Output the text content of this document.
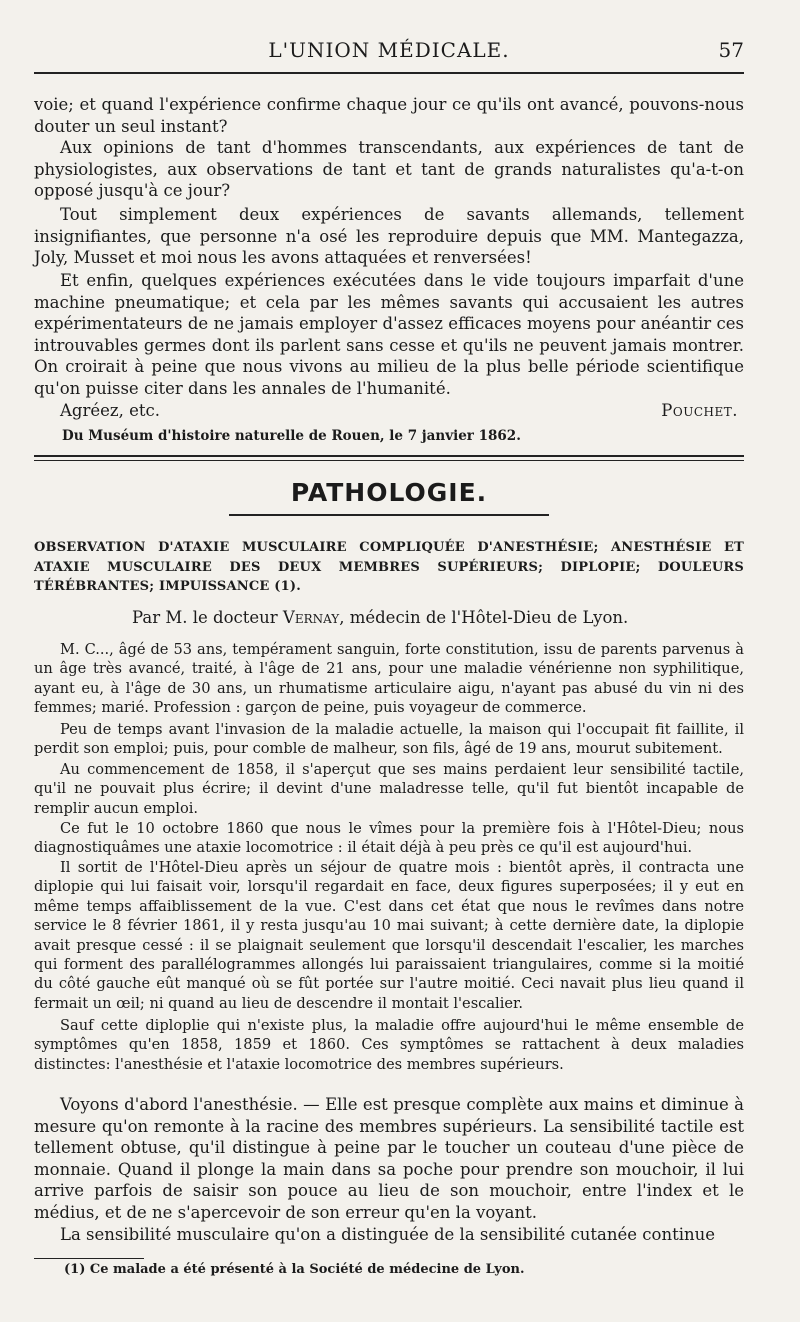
L'UNION MÉDICALE.	57

voie; et quand l'expérience confirme chaque jour ce qu'ils ont avancé, pouvons-nous douter un seul instant?

Aux opinions de tant d'hommes transcendants, aux expériences de tant de physiologistes, aux observations de tant et tant de grands naturalistes qu'a-t-on opposé jusqu'à ce jour?

Tout simplement deux expériences de savants allemands, tellement insignifiantes, que personne n'a osé les reproduire depuis que MM. Mantegazza, Joly, Musset et moi nous les avons attaquées et renversées!

Et enfin, quelques expériences exécutées dans le vide toujours imparfait d'une machine pneumatique; et cela par les mêmes savants qui accusaient les autres expérimentateurs de ne jamais employer d'assez efficaces moyens pour anéantir ces introuvables germes dont ils parlent sans cesse et qu'ils ne peuvent jamais montrer. On croirait à peine que nous vivons au milieu de la plus belle période scientifique qu'on puisse citer dans les annales de l'humanité.

Agréez, etc.	Pouchet.
Du Muséum d'histoire naturelle de Rouen, le 7 janvier 1862.
PATHOLOGIE.
OBSERVATION D'ATAXIE MUSCULAIRE COMPLIQUÉE D'ANESTHÉSIE; ANESTHÉSIE ET ATAXIE MUSCULAIRE DES DEUX MEMBRES SUPÉRIEURS; DIPLOPIE; DOULEURS TÉRÉBRANTES; IMPUISSANCE (1).
Par M. le docteur Vernay, médecin de l'Hôtel-Dieu de Lyon.

M. C..., âgé de 53 ans, tempérament sanguin, forte constitution, issu de parents parvenus à un âge très avancé, traité, à l'âge de 21 ans, pour une maladie vénérienne non syphilitique, ayant eu, à l'âge de 30 ans, un rhumatisme articulaire aigu, n'ayant pas abusé du vin ni des femmes; marié. Profession : garçon de peine, puis voyageur de commerce.

Peu de temps avant l'invasion de la maladie actuelle, la maison qui l'occupait fit faillite, il perdit son emploi; puis, pour comble de malheur, son fils, âgé de 19 ans, mourut subitement.

Au commencement de 1858, il s'aperçut que ses mains perdaient leur sensibilité tactile, qu'il ne pouvait plus écrire; il devint d'une maladresse telle, qu'il fut bientôt incapable de remplir aucun emploi.

Ce fut le 10 octobre 1860 que nous le vîmes pour la première fois à l'Hôtel-Dieu; nous diagnostiquâmes une ataxie locomotrice : il était déjà à peu près ce qu'il est aujourd'hui.

Il sortit de l'Hôtel-Dieu après un séjour de quatre mois : bientôt après, il contracta une diplopie qui lui faisait voir, lorsqu'il regardait en face, deux figures superposées; il y eut en même temps affaiblissement de la vue. C'est dans cet état que nous le revîmes dans notre service le 8 février 1861, il y resta jusqu'au 10 mai suivant; à cette dernière date, la diplopie avait presque cessé : il se plaignait seulement que lorsqu'il descendait l'escalier, les marches qui forment des parallélogrammes allongés lui paraissaient triangulaires, comme si la moitié du côté gauche eût manqué où se fût portée sur l'autre moitié. Ceci navait plus lieu quand il fermait un œil; ni quand au lieu de descendre il montait l'escalier.

Sauf cette diploplie qui n'existe plus, la maladie offre aujourd'hui le même ensemble de symptômes qu'en 1858, 1859 et 1860. Ces symptômes se rattachent à deux maladies distinctes: l'anesthésie et l'ataxie locomotrice des membres supérieurs.

Voyons d'abord l'anesthésie. — Elle est presque complète aux mains et diminue à mesure qu'on remonte à la racine des membres supérieurs. La sensibilité tactile est tellement obtuse, qu'il distingue à peine par le toucher un couteau d'une pièce de monnaie. Quand il plonge la main dans sa poche pour prendre son mouchoir, il lui arrive parfois de saisir son pouce au lieu de son mouchoir, entre l'index et le médius, et de ne s'apercevoir de son erreur qu'en la voyant.

La sensibilité musculaire qu'on a distinguée de la sensibilité cutanée continue

(1) Ce malade a été présenté à la Société de médecine de Lyon.
